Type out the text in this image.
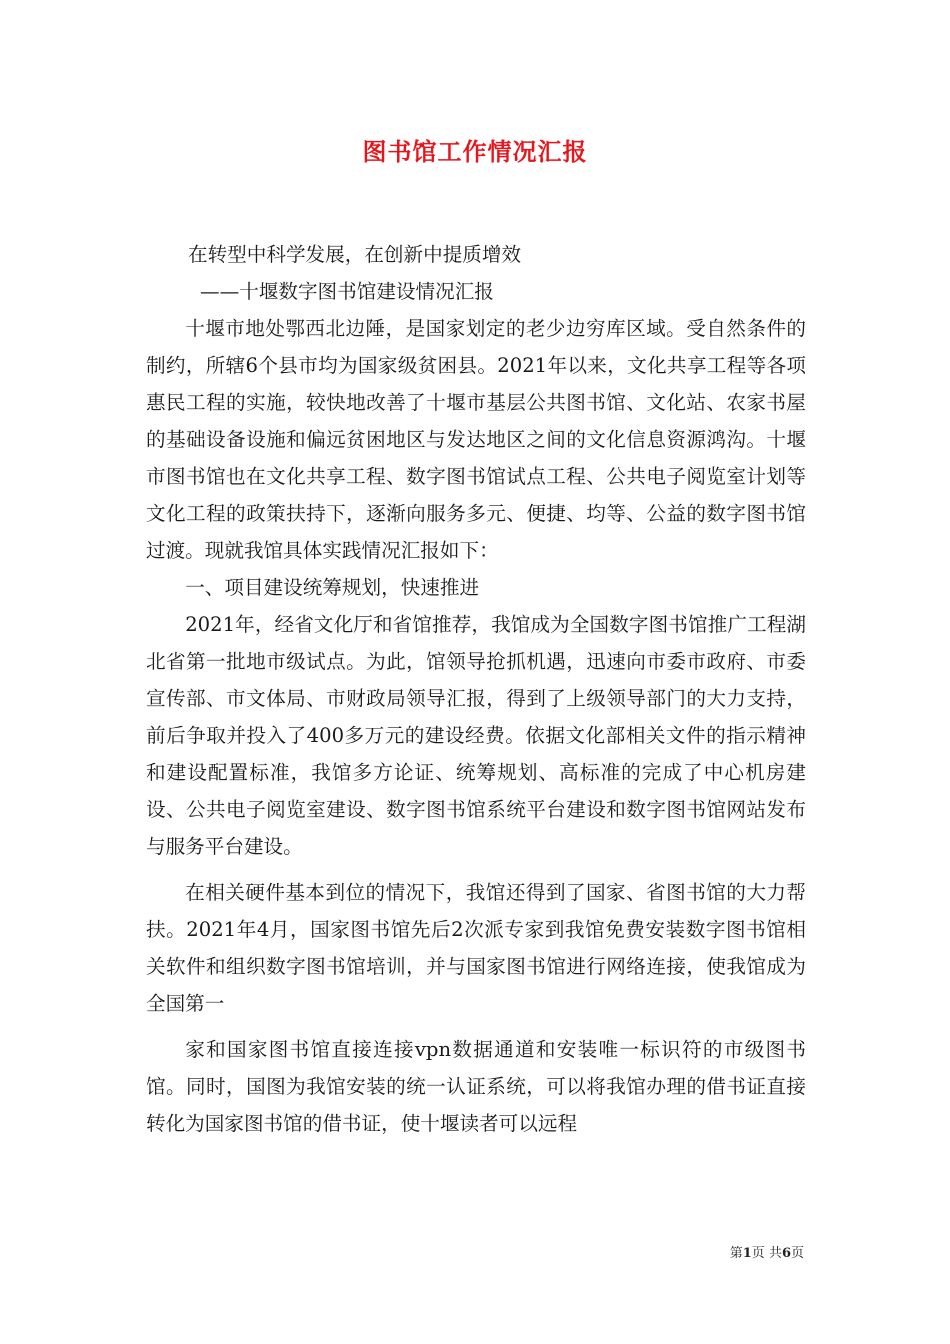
图书馆工作情况汇报

在转型中科学发展，在创新中提质增效

——十堰数字图书馆建设情况汇报

十堰市地处鄂西北边陲，是国家划定的老少边穷库区域。受自然条件的制约，所辖6个县市均为国家级贫困县。2021年以来，文化共享工程等各项惠民工程的实施，较快地改善了十堰市基层公共图书馆、文化站、农家书屋的基础设备设施和偏远贫困地区与发达地区之间的文化信息资源鸿沟。十堰市图书馆也在文化共享工程、数字图书馆试点工程、公共电子阅览室计划等文化工程的政策扶持下，逐渐向服务多元、便捷、均等、公益的数字图书馆过渡。现就我馆具体实践情况汇报如下：

一、项目建设统筹规划，快速推进

2021年，经省文化厅和省馆推荐，我馆成为全国数字图书馆推广工程湖北省第一批地市级试点。为此，馆领导抢抓机遇，迅速向市委市政府、市委宣传部、市文体局、市财政局领导汇报，得到了上级领导部门的大力支持，前后争取并投入了400多万元的建设经费。依据文化部相关文件的指示精神和建设配置标准，我馆多方论证、统筹规划、高标准的完成了中心机房建设、公共电子阅览室建设、数字图书馆系统平台建设和数字图书馆网站发布与服务平台建设。

在相关硬件基本到位的情况下，我馆还得到了国家、省图书馆的大力帮扶。2021年4月，国家图书馆先后2次派专家到我馆免费安装数字图书馆相关软件和组织数字图书馆培训，并与国家图书馆进行网络连接，使我馆成为全国第一

家和国家图书馆直接连接vpn数据通道和安装唯一标识符的市级图书馆。同时，国图为我馆安装的统一认证系统，可以将我馆办理的借书证直接转化为国家图书馆的借书证，使十堰读者可以远程

第1页 共6页
